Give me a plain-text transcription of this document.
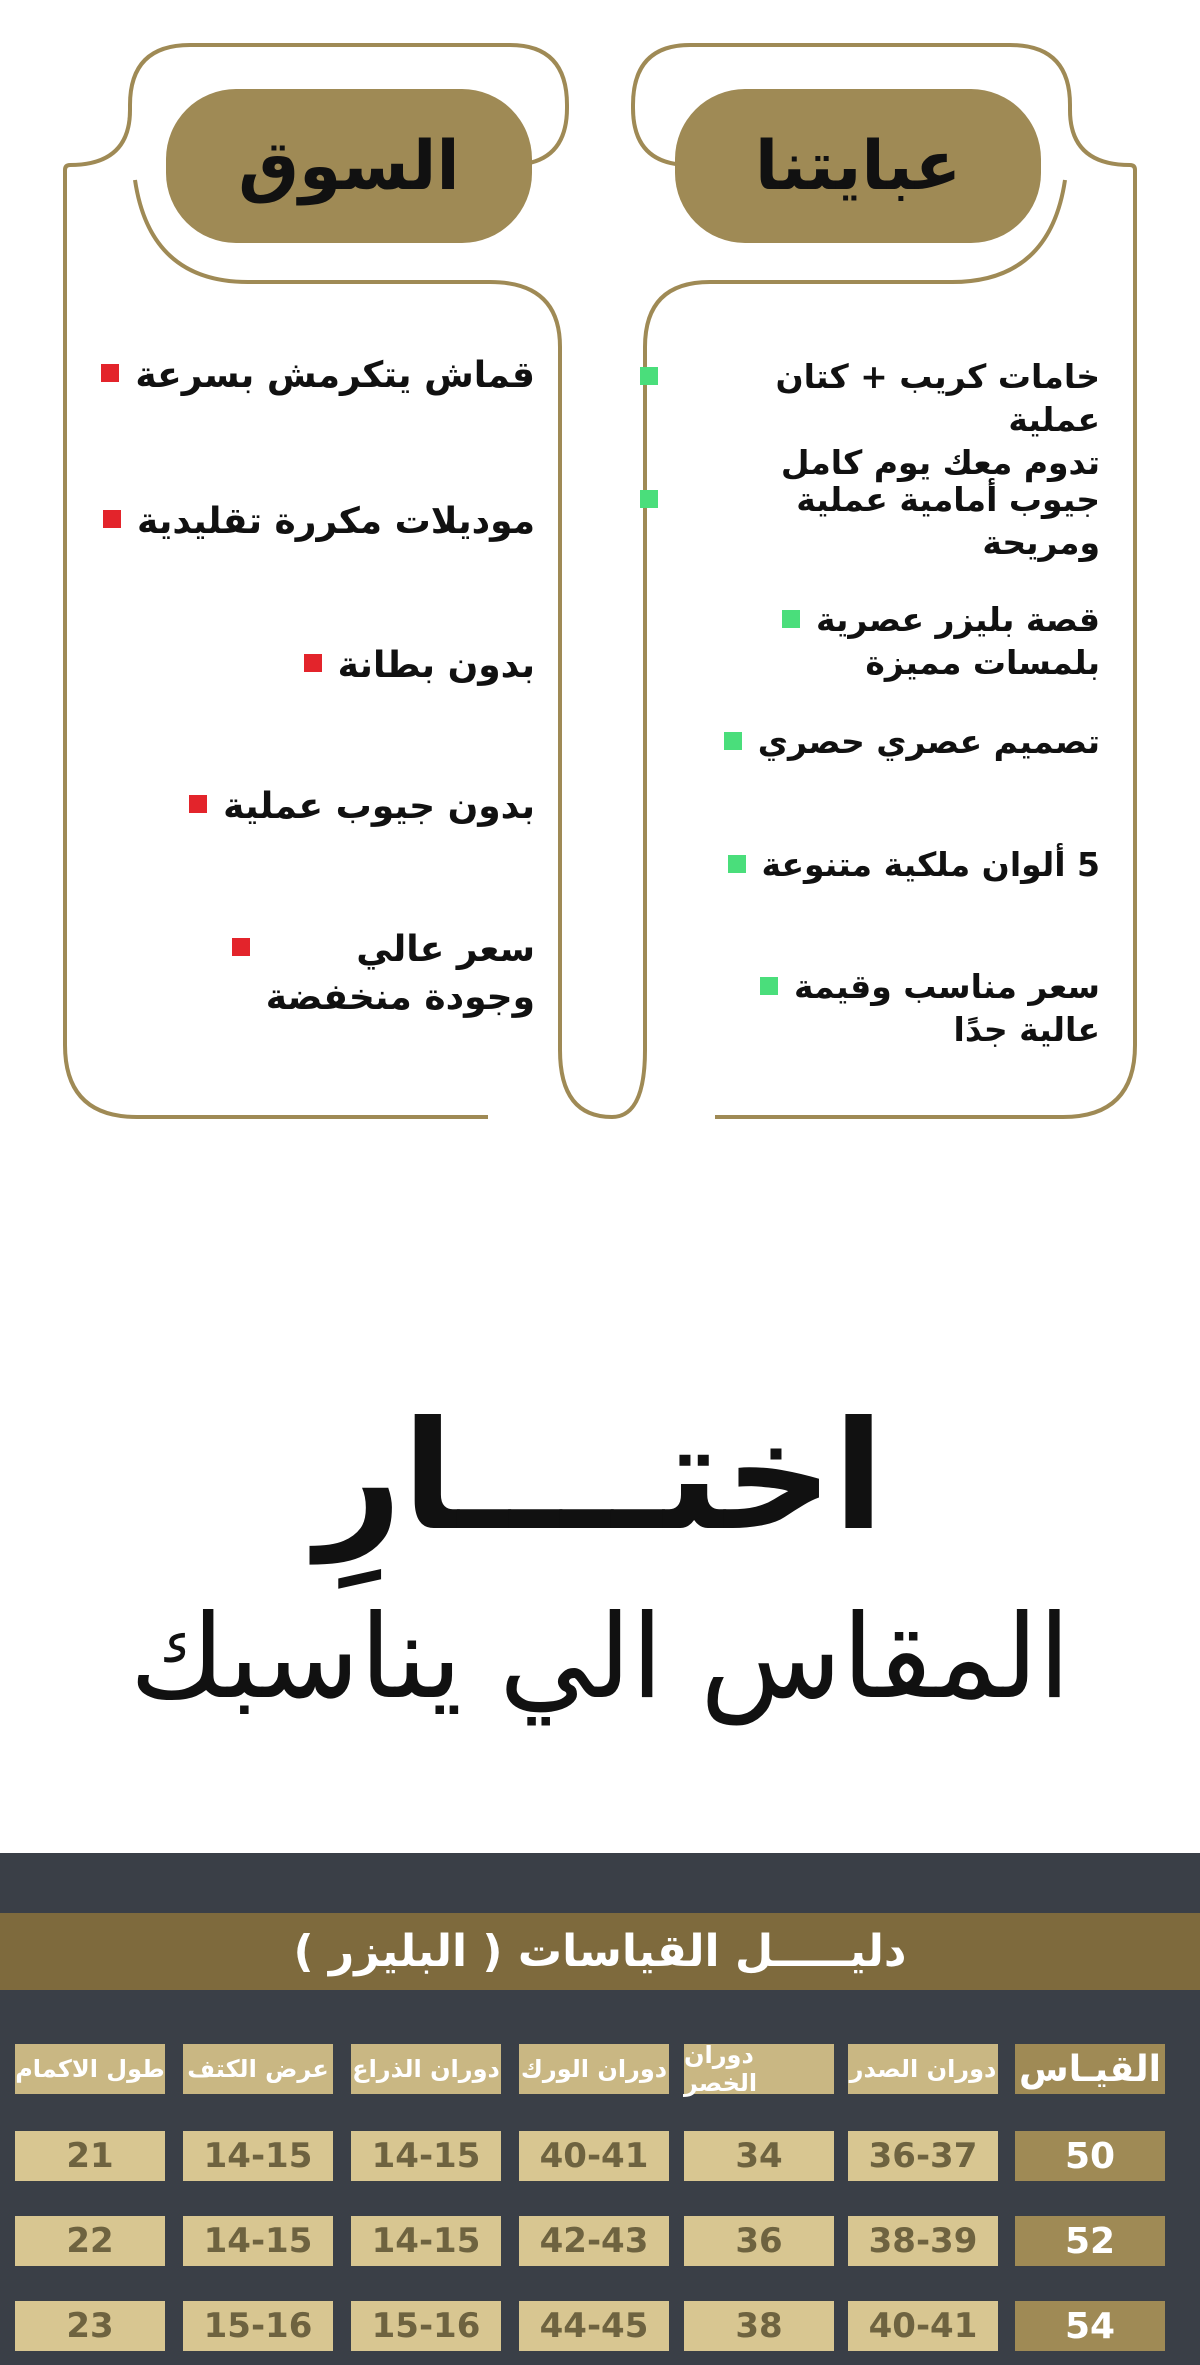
عبايتنا
السوق
خامات كريب + كتان عملية
تدوم معك يوم كامل
جيوب أمامية عملية ومريحة
قصة بليزر عصرية
بلمسات مميزة
تصميم عصري حصري
5 ألوان ملكية متنوعة
سعر مناسب وقيمة
عالية جدًا
قماش يتكرمش بسرعة
موديلات مكررة تقليدية
بدون بطانة
بدون جيوب عملية
سعر عالي
وجودة منخفضة
اختــــارِ
المقاس الي يناسبك
دليـــــل القياسات ( البليزر )
القيـاس
دوران الصدر
دوران الخصر
دوران الورك
دوران الذراع
عرض الكتف
طول الاكمام
50
36-37
34
40-41
14-15
14-15
21
52
38-39
36
42-43
14-15
14-15
22
54
40-41
38
44-45
15-16
15-16
23
